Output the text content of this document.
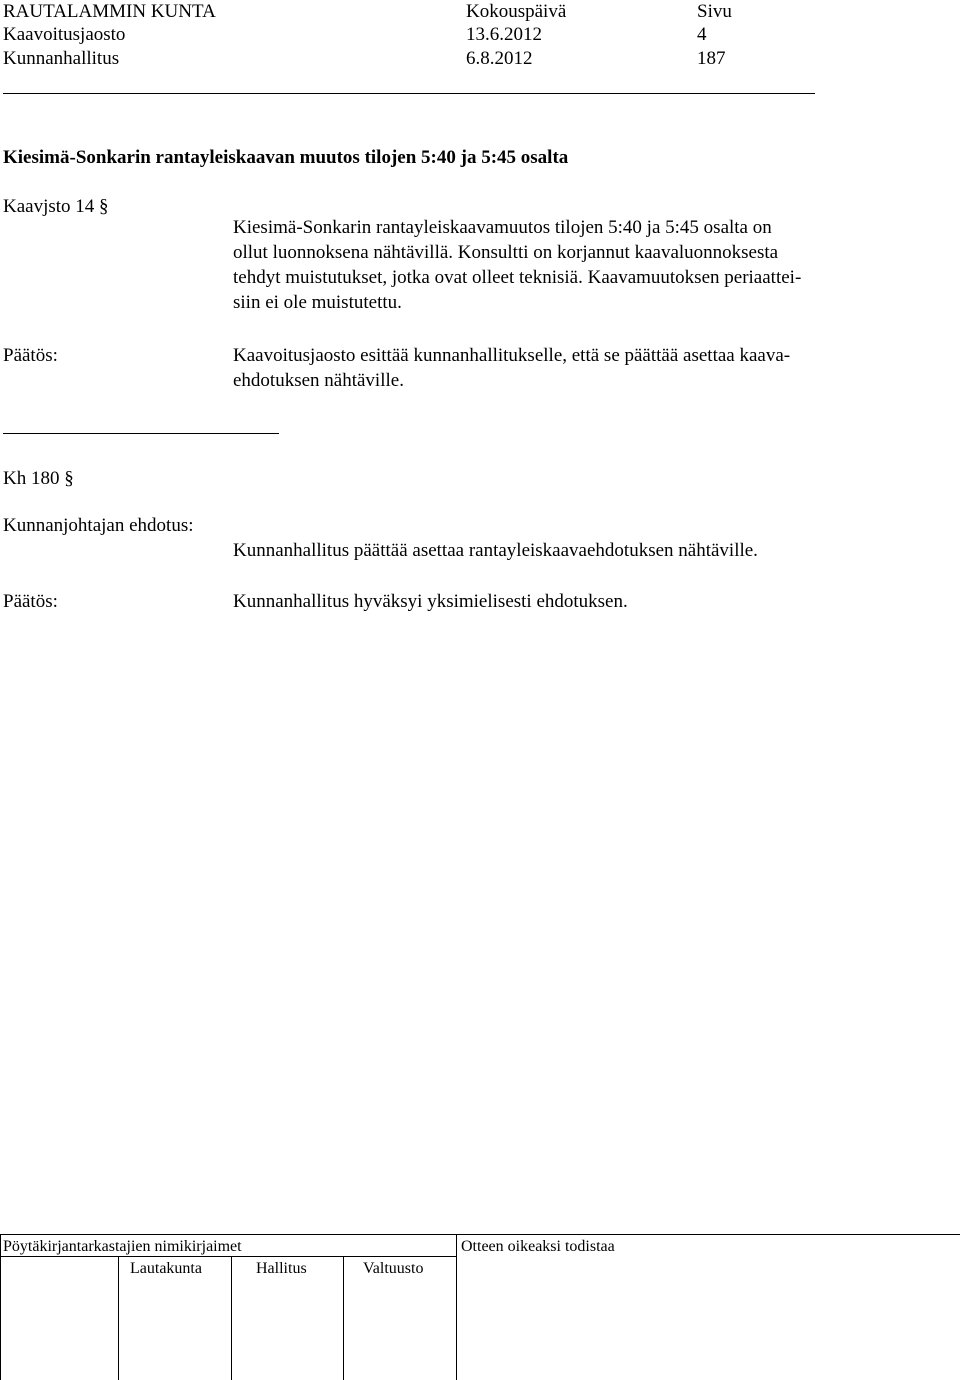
RAUTALAMMIN KUNTA	Kokouspäivä	Sivu
Kaavoitusjaosto	13.6.2012	4
Kunnanhallitus	6.8.2012	187
Kiesimä-Sonkarin rantayleiskaavan muutos tilojen 5:40 ja 5:45 osalta
Kaavjsto 14 §
Kiesimä-Sonkarin rantayleiskaavamuutos tilojen 5:40 ja 5:45 osalta on
ollut luonnoksena nähtävillä. Konsultti on korjannut kaavaluonnoksesta
tehdyt muistutukset, jotka ovat olleet teknisiä. Kaavamuutoksen periaattei-
siin ei ole muistutettu.
Päätös:	Kaavoitusjaosto esittää kunnanhallitukselle, että se päättää asettaa kaava-
ehdotuksen nähtäville.
Kh 180 §
Kunnanjohtajan ehdotus:
Kunnanhallitus päättää asettaa rantayleiskaavaehdotuksen nähtäville.
Päätös:	Kunnanhallitus hyväksyi yksimielisesti ehdotuksen.
Pöytäkirjantarkastajien nimikirjaimet	Otteen oikeaksi todistaa
Lautakunta	Hallitus	Valtuusto
